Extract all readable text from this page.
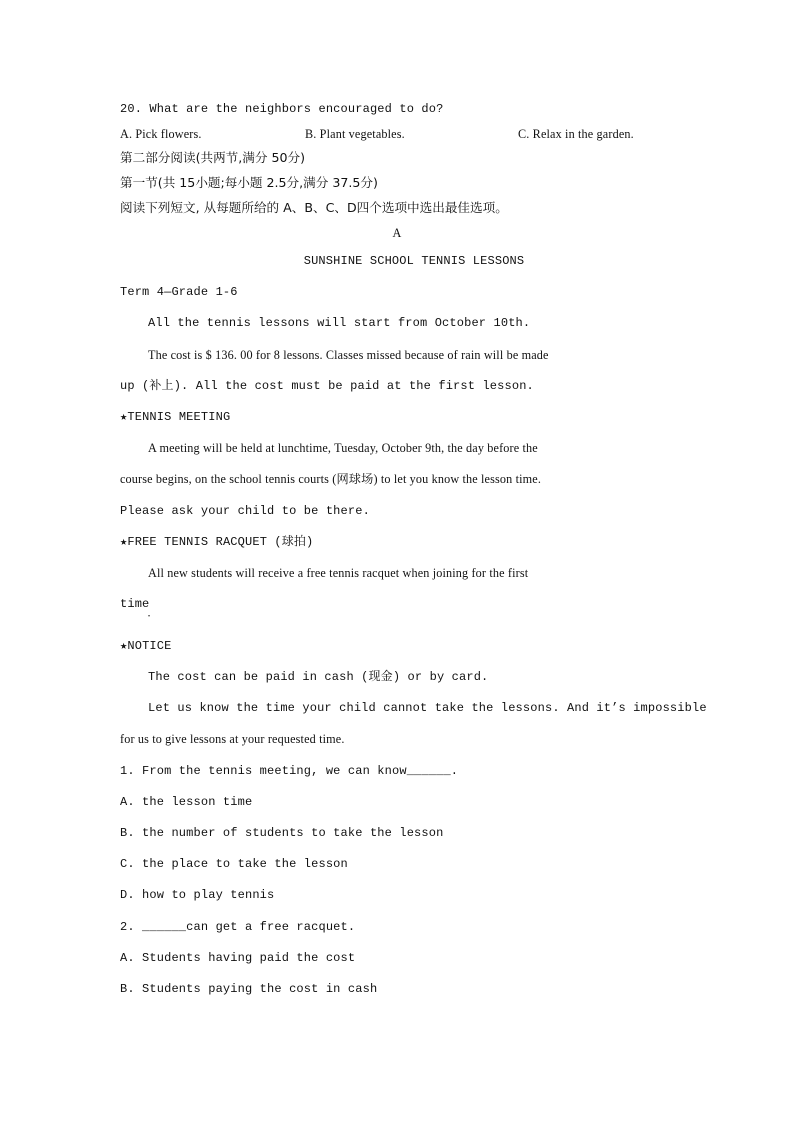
20. What are the neighbors encouraged to do?
A. Pick flowers.	B. Plant vegetables.	C. Relax in the garden.
第二部分阅读(共两节,满分 50分)
第一节(共 15小题;每小题 2.5分,满分 37.5分)
阅读下列短文, 从每题所给的 A、B、C、D四个选项中选出最佳选项。
A
SUNSHINE SCHOOL TENNIS LESSONS
Term 4—Grade 1-6
All the tennis lessons will start from October 10th.
The cost is $ 136. 00 for 8 lessons. Classes missed because of rain will be made
up (补上). All the cost must be paid at the first lesson.
★TENNIS MEETING
A meeting will be held at lunchtime, Tuesday, October 9th, the day before the
course begins, on the school tennis courts (网球场) to let you know the lesson time.
Please ask your child to be there.
★FREE TENNIS RACQUET (球拍)
All new students will receive a free tennis racquet when joining for the first
time
·
★NOTICE
The cost can be paid in cash (现金) or by card.
Let us know the time your child cannot take the lessons. And it’s impossible
for us to give lessons at your requested time.
1. From the tennis meeting, we can know______.
A. the lesson time
B. the number of students to take the lesson
C. the place to take the lesson
D. how to play tennis
2. ______can get a free racquet.
A. Students having paid the cost
B. Students paying the cost in cash
